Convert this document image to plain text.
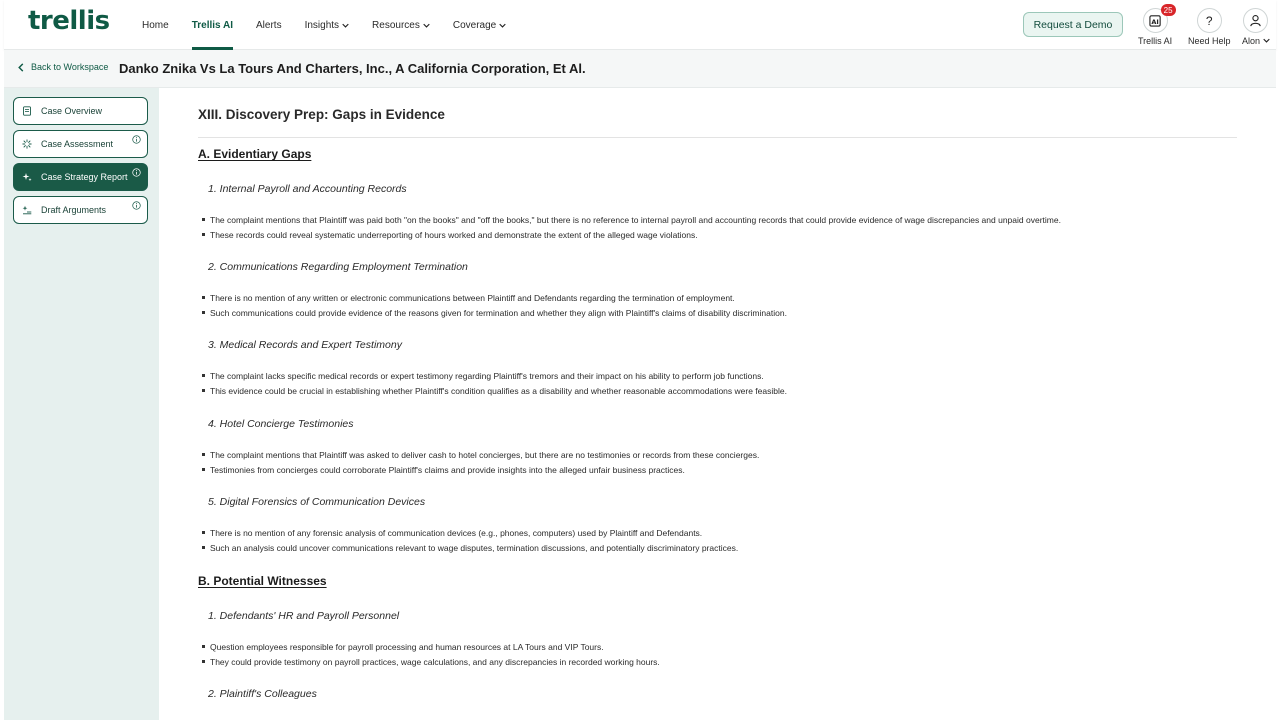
trellis	Home Trellis AI Alerts Insights	Resources	Coverage	Request a Demo	AI
25
Trellis AI
?
Need Help Alon
Back to Workspace Danko Znika Vs La Tours And Charters, Inc., A California Corporation, Et Al.
Case Overview
Case Assessment
Case Strategy Report
Draft Arguments
XIII. Discovery Prep: Gaps in Evidence
A. Evidentiary Gaps
1. Internal Payroll and Accounting Records
The complaint mentions that Plaintiff was paid both "on the books" and "off the books," but there is no reference to internal payroll and accounting records that could provide evidence of wage discrepancies and unpaid overtime.
These records could reveal systematic underreporting of hours worked and demonstrate the extent of the alleged wage violations.
2. Communications Regarding Employment Termination
There is no mention of any written or electronic communications between Plaintiff and Defendants regarding the termination of employment.
Such communications could provide evidence of the reasons given for termination and whether they align with Plaintiff's claims of disability discrimination.
3. Medical Records and Expert Testimony
The complaint lacks specific medical records or expert testimony regarding Plaintiff's tremors and their impact on his ability to perform job functions.
This evidence could be crucial in establishing whether Plaintiff's condition qualifies as a disability and whether reasonable accommodations were feasible.
4. Hotel Concierge Testimonies
The complaint mentions that Plaintiff was asked to deliver cash to hotel concierges, but there are no testimonies or records from these concierges.
Testimonies from concierges could corroborate Plaintiff's claims and provide insights into the alleged unfair business practices.
5. Digital Forensics of Communication Devices
There is no mention of any forensic analysis of communication devices (e.g., phones, computers) used by Plaintiff and Defendants.
Such an analysis could uncover communications relevant to wage disputes, termination discussions, and potentially discriminatory practices.
B. Potential Witnesses
1. Defendants' HR and Payroll Personnel
Question employees responsible for payroll processing and human resources at LA Tours and VIP Tours.
They could provide testimony on payroll practices, wage calculations, and any discrepancies in recorded working hours.
2. Plaintiff's Colleagues
